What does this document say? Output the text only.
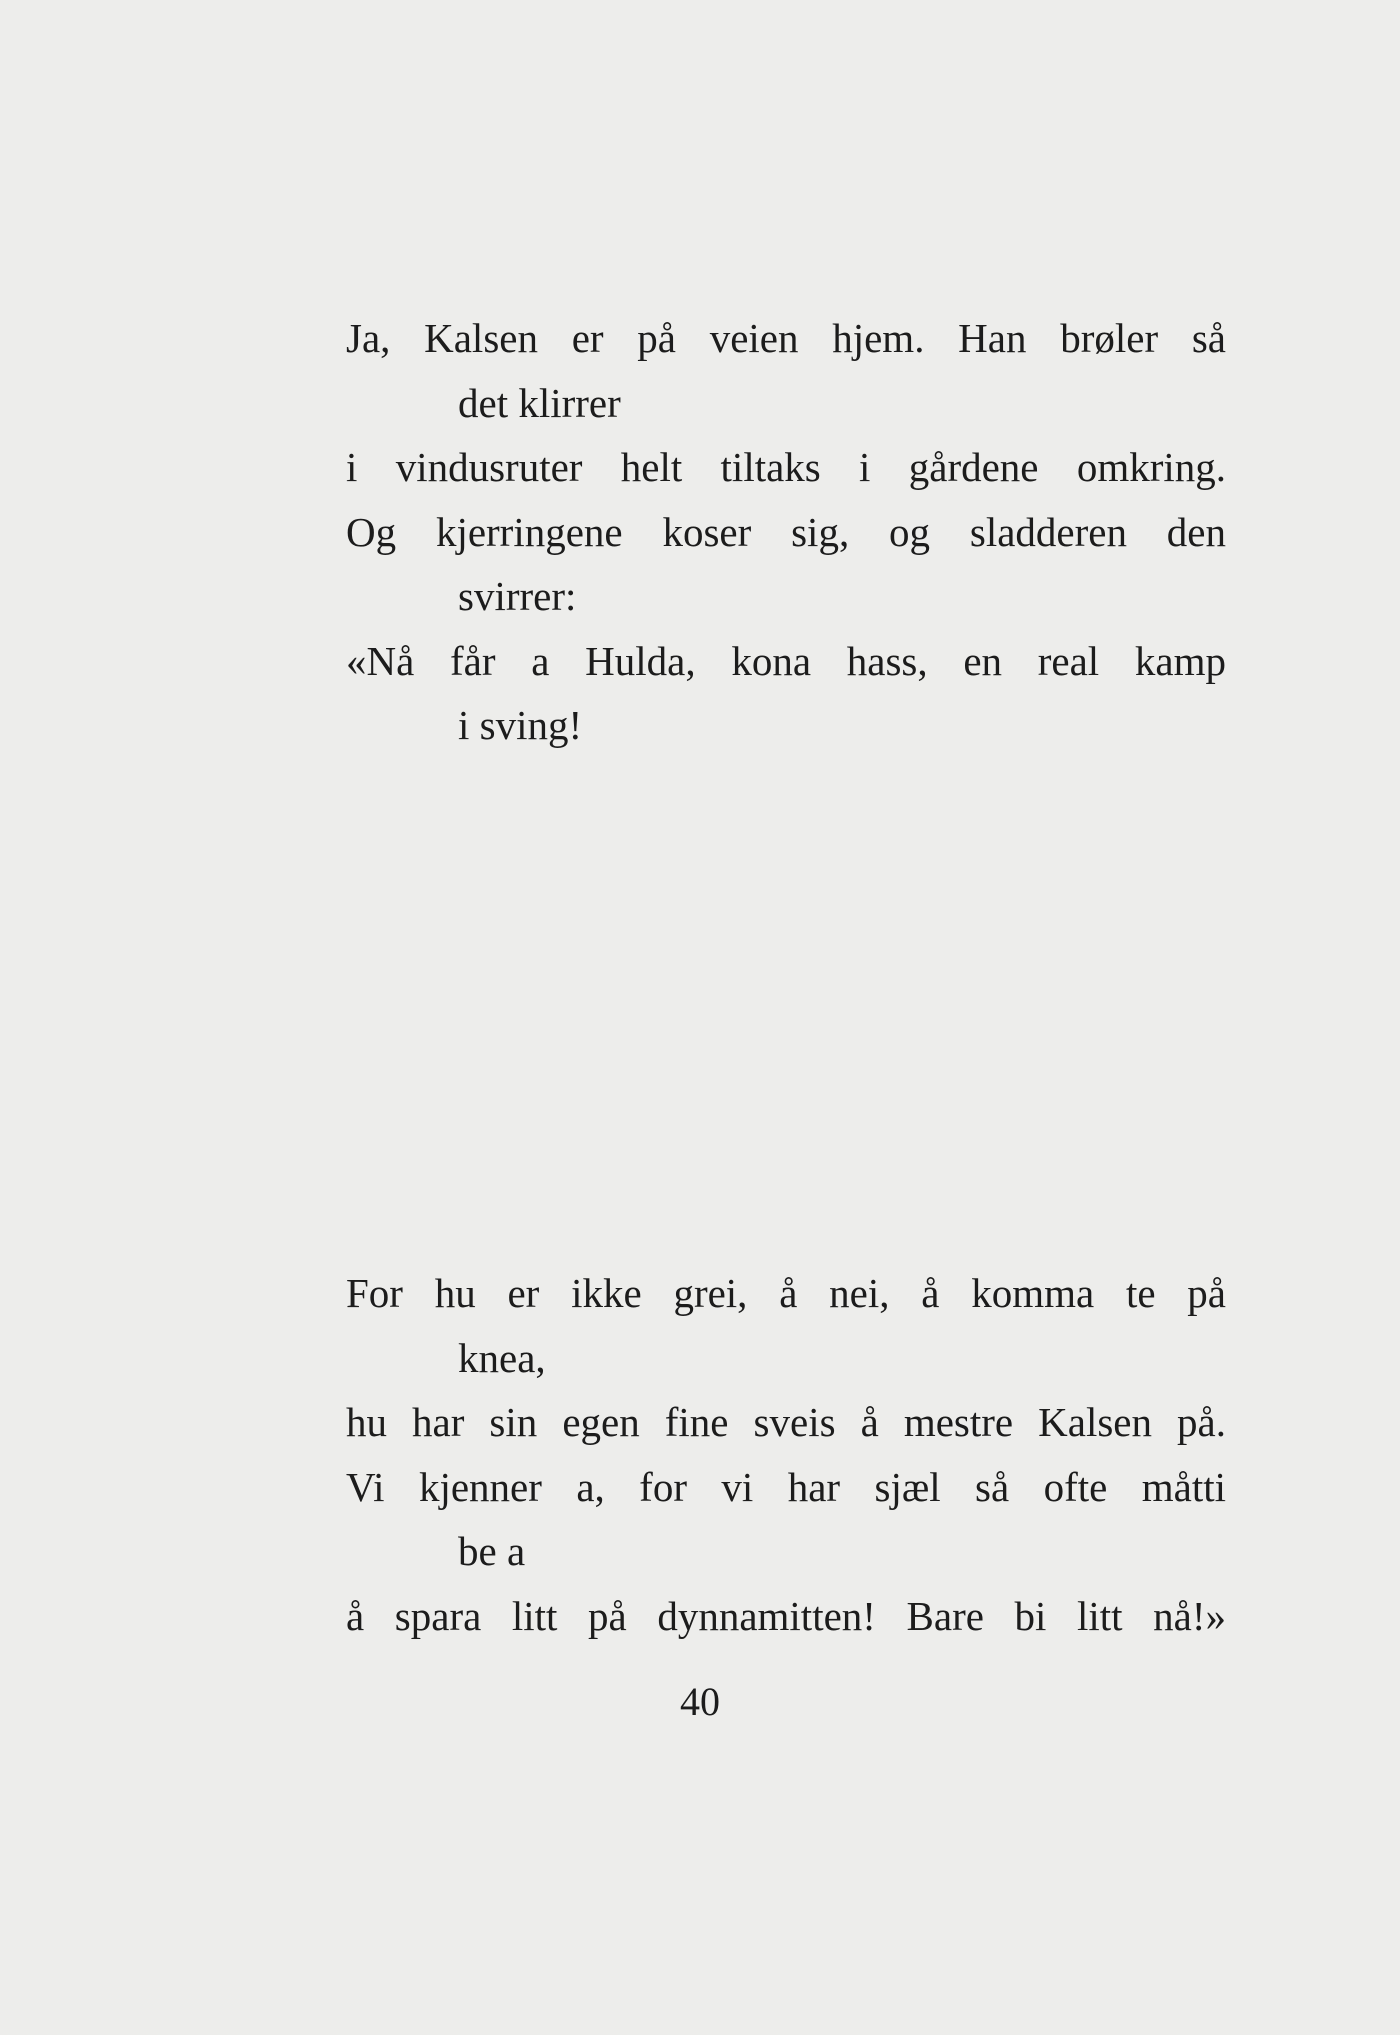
Ja, Kalsen er på veien hjem. Han brøler så
det klirrer
i vindusruter helt tiltaks i gårdene omkring.
Og kjerringene koser sig, og sladderen den
svirrer:
«Nå får a Hulda, kona hass, en real kamp
i sving!
For hu er ikke grei, å nei, å komma te på
knea,
hu har sin egen fine sveis å mestre Kalsen på.
Vi kjenner a, for vi har sjæl så ofte måtti
be a
å spara litt på dynnamitten! Bare bi litt nå!»
40
